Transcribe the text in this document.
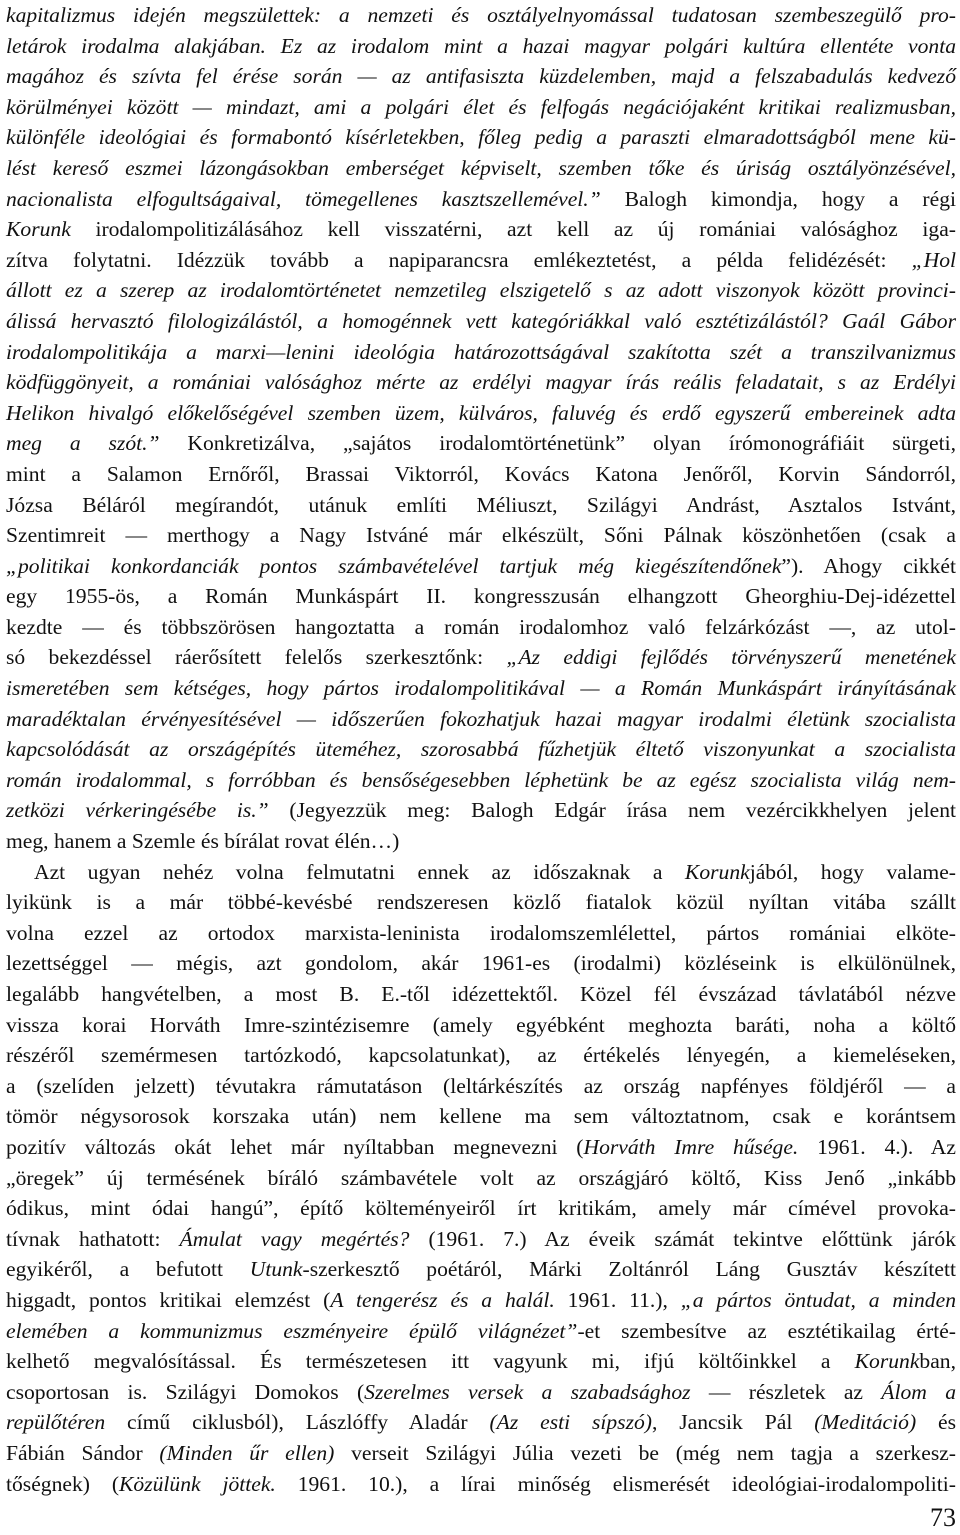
kapitalizmus idején megszülettek: a nemzeti és osztályelnyomással tudatosan szembeszegülő pro-
letárok irodalma alakjában. Ez az irodalom mint a hazai magyar polgári kultúra ellentéte vonta
magához és szívta fel érése során — az antifasiszta küzdelemben, majd a felszabadulás kedvező
körülményei között — mindazt, ami a polgári élet és felfogás negációjaként kritikai realizmusban,
különféle ideológiai és formabontó kísérletekben, főleg pedig a paraszti elmaradottságból mene kü-
lést kereső eszmei lázongásokban emberséget képviselt, szemben tőke és úriság osztályönzésével,
nacionalista elfogultságaival, tömegellenes kasztszellemével.” Balogh kimondja, hogy a régi
Korunk irodalompolitizálásához kell visszatérni, azt kell az új romániai valósághoz iga-
zítva folytatni. Idézzük tovább a napiparancsra emlékeztetést, a példa felidézését: „Hol
állott ez a szerep az irodalomtörténetet nemzetileg elszigetelő s az adott viszonyok között provinci-
álissá hervasztó filologizálástól, a homogénnek vett kategóriákkal való esztétizálástól? Gaál Gábor
irodalompolitikája a marxi—lenini ideológia határozottságával szakította szét a transzilvanizmus
ködfüggönyeit, a romániai valósághoz mérte az erdélyi magyar írás reális feladatait, s az Erdélyi
Helikon hivalgó előkelőségével szemben üzem, külváros, faluvég és erdő egyszerű embereinek adta
meg a szót.” Konkretizálva, „sajátos irodalomtörténetünk” olyan írómonográfiáit sürgeti,
mint a Salamon Ernőről, Brassai Viktorról, Kovács Katona Jenőről, Korvin Sándorról,
Józsa Béláról megírandót, utánuk említi Méliuszt, Szilágyi Andrást, Asztalos Istvánt,
Szentimreit — merthogy a Nagy Istváné már elkészült, Sőni Pálnak köszönhetően (csak a
„politikai konkordanciák pontos számbavételével tartjuk még kiegészítendőnek”). Ahogy cikkét
egy 1955-ös, a Román Munkáspárt II. kongresszusán elhangzott Gheorghiu-Dej-idézettel
kezdte — és többszörösen hangoztatta a román irodalomhoz való felzárkózást —, az utol-
só bekezdéssel ráerősített felelős szerkesztőnk: „Az eddigi fejlődés törvényszerű menetének
ismeretében sem kétséges, hogy pártos irodalompolitikával — a Román Munkáspárt irányításának
maradéktalan érvényesítésével — időszerűen fokozhatjuk hazai magyar irodalmi életünk szocialista
kapcsolódását az országépítés üteméhez, szorosabbá fűzhetjük éltető viszonyunkat a szocialista
román irodalommal, s forróbban és bensőségesebben léphetünk be az egész szocialista világ nem-
zetközi vérkeringésébe is.” (Jegyezzük meg: Balogh Edgár írása nem vezércikkhelyen jelent
meg, hanem a Szemle és bírálat rovat élén…)
Azt ugyan nehéz volna felmutatni ennek az időszaknak a Korunkjából, hogy valame-
lyikünk is a már többé-kevésbé rendszeresen közlő fiatalok közül nyíltan vitába szállt
volna ezzel az ortodox marxista-leninista irodalomszemlélettel, pártos romániai elköte-
lezettséggel — mégis, azt gondolom, akár 1961-es (irodalmi) közléseink is elkülönülnek,
legalább hangvételben, a most B. E.-től idézettektől. Közel fél évszázad távlatából nézve
vissza korai Horváth Imre-szintézisemre (amely egyébként meghozta baráti, noha a költő
részéről szemérmesen tartózkodó, kapcsolatunkat), az értékelés lényegén, a kiemeléseken,
a (szelíden jelzett) tévutakra rámutatáson (leltárkészítés az ország napfényes földjéről — a
tömör négysorosok korszaka után) nem kellene ma sem változtatnom, csak e korántsem
pozitív változás okát lehet már nyíltabban megnevezni (Horváth Imre hűsége. 1961. 4.). Az
„öregek” új termésének bíráló számbavétele volt az országjáró költő, Kiss Jenő „inkább
ódikus, mint ódai hangú”, építő költeményeiről írt kritikám, amely már címével provoka-
tívnak hathatott: Ámulat vagy megértés? (1961. 7.) Az éveik számát tekintve előttünk járók
egyikéről, a befutott Utunk-szerkesztő poétáról, Márki Zoltánról Láng Gusztáv készített
higgadt, pontos kritikai elemzést (A tengerész és a halál. 1961. 11.), „a pártos öntudat, a minden
elemében a kommunizmus eszményeire épülő világnézet”-et szembesítve az esztétikailag érté-
kelhető megvalósítással. És természetesen itt vagyunk mi, ifjú költőinkkel a Korunkban,
csoportosan is. Szilágyi Domokos (Szerelmes versek a szabadsághoz — részletek az Álom a
repülőtéren című ciklusból), Lászlóffy Aladár (Az esti sípszó), Jancsik Pál (Meditáció) és
Fábián Sándor (Minden űr ellen) verseit Szilágyi Júlia vezeti be (még nem tagja a szerkesz-
tőségnek) (Közülünk jöttek. 1961. 10.), a lírai minőség elismerését ideológiai-irodalompoliti-
73
